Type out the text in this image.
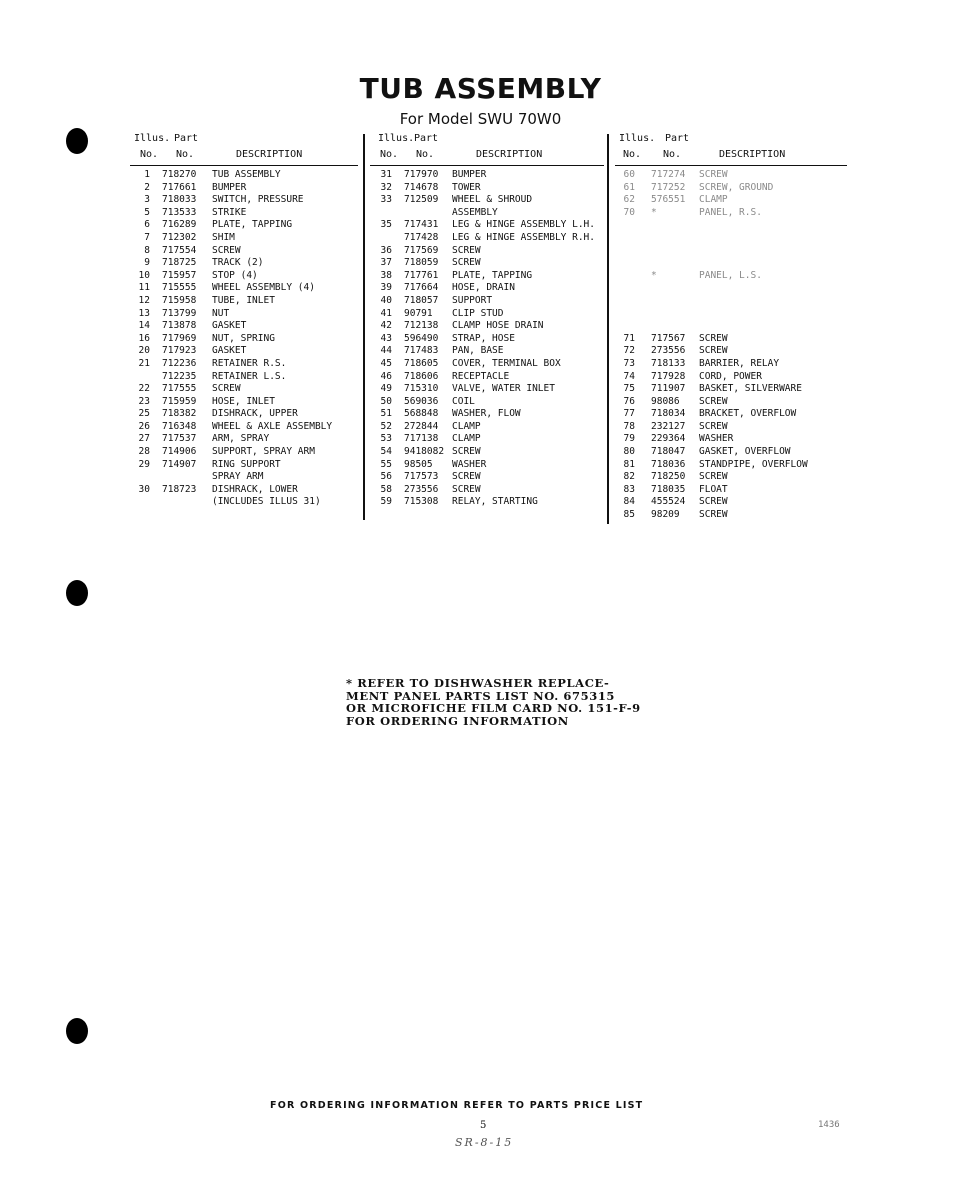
TUB ASSEMBLY
For Model SWU 70W0
Illus. Part
No. No.	DESCRIPTION
1 718270 TUB ASSEMBLY
2 717661 BUMPER
3 718033 SWITCH, PRESSURE
5 713533 STRIKE
6 716289 PLATE, TAPPING
7 712302 SHIM
8 717554 SCREW
9 718725 TRACK (2)
10 715957 STOP (4)
11 715555 WHEEL ASSEMBLY (4)
12 715958 TUBE, INLET
13 713799 NUT
14 713878 GASKET
16 717969 NUT, SPRING
20 717923 GASKET
21 712236 RETAINER R.S.
712235 RETAINER L.S.
22 717555 SCREW
23 715959 HOSE, INLET
25 718382 DISHRACK, UPPER
26 716348 WHEEL & AXLE ASSEMBLY
27 717537 ARM, SPRAY
28 714906 SUPPORT, SPRAY ARM
29 714907 RING SUPPORT
SPRAY ARM
30 718723 DISHRACK, LOWER
(INCLUDES ILLUS 31)
Illus. Part
No. No.	DESCRIPTION
31 717970 BUMPER
32 714678 TOWER
33 712509 WHEEL & SHROUD
ASSEMBLY
35 717431 LEG & HINGE ASSEMBLY L.H.
717428 LEG & HINGE ASSEMBLY R.H.
36 717569 SCREW
37 718059 SCREW
38 717761 PLATE, TAPPING
39 717664 HOSE, DRAIN
40 718057 SUPPORT
41 90791 CLIP STUD
42 712138 CLAMP HOSE DRAIN
43 596490 STRAP, HOSE
44 717483 PAN, BASE
45 718605 COVER, TERMINAL BOX
46 718606 RECEPTACLE
49 715310 VALVE, WATER INLET
50 569036 COIL
51 568848 WASHER, FLOW
52 272844 CLAMP
53 717138 CLAMP
54 9418082 SCREW
55 98505 WASHER
56 717573 SCREW
58 273556 SCREW
59 715308 RELAY, STARTING
Illus. Part
No. No.	DESCRIPTION
60 717274 SCREW
61 717252 SCREW, GROUND
62 576551 CLAMP
70 *	PANEL, R.S.
*	PANEL, L.S.
71 717567 SCREW
72 273556 SCREW
73 718133 BARRIER, RELAY
74 717928 CORD, POWER
75 711907 BASKET, SILVERWARE
76 98086 SCREW
77 718034 BRACKET, OVERFLOW
78 232127 SCREW
79 229364 WASHER
80 718047 GASKET, OVERFLOW
81 718036 STANDPIPE, OVERFLOW
82 718250 SCREW
83 718035 FLOAT
84 455524 SCREW
85 98209 SCREW
* REFER TO DISHWASHER REPLACE-
MENT PANEL PARTS LIST NO. 675315
OR MICROFICHE FILM CARD NO. 151-F-9
FOR ORDERING INFORMATION
FOR ORDERING INFORMATION REFER TO PARTS PRICE LIST
5	1436
SR-8-15
